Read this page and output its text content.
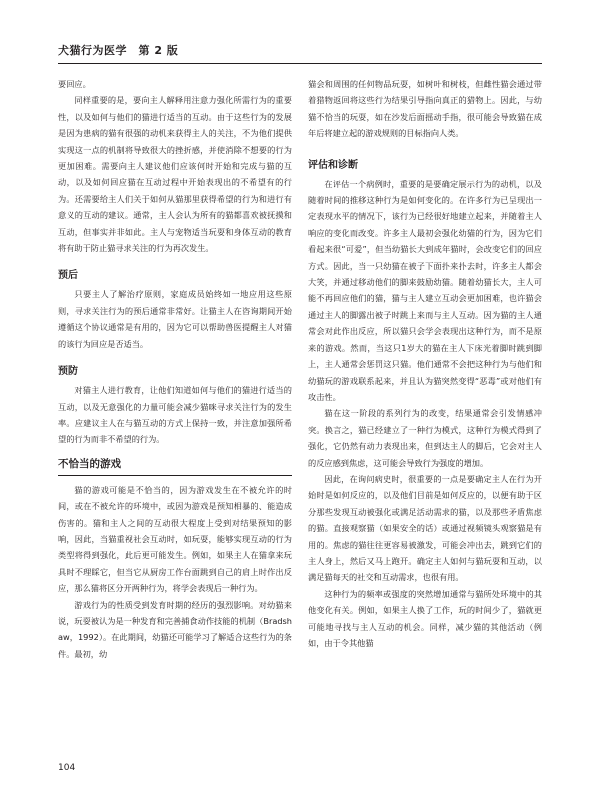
犬猫行为医学　第 2 版

要回应。

同样重要的是，要向主人解释用注意力强化所需行为的重要性，以及如何与他们的猫进行适当的互动。由于这些行为的发展是因为患病的猫有很强的动机来获得主人的关注，不为他们提供实现这一点的机制将导致很大的挫折感，并使消除不想要的行为更加困难。需要向主人建议他们应该何时开始和完成与猫的互动，以及如何回应猫在互动过程中开始表现出的不希望有的行为。还需要给主人们关于如何从猫那里获得希望的行为和进行有意义的互动的建议。通常，主人会认为所有的猫都喜欢被抚摸和互动，但事实并非如此。主人与宠物适当玩耍和身体互动的教育将有助于防止猫寻求关注的行为再次发生。

预后

只要主人了解治疗原则，家庭成员始终如一地应用这些原则，寻求关注行为的预后通常非常好。让猫主人在咨询期间开始遵循这个协议通常是有用的，因为它可以帮助兽医提醒主人对猫的该行为回应是否适当。

预防

对猫主人进行教育，让他们知道如何与他们的猫进行适当的互动，以及无意强化的力量可能会减少猫咪寻求关注行为的发生率。应建议主人在与猫互动的方式上保持一致，并注意加强所希望的行为而非不希望的行为。

不恰当的游戏

猫的游戏可能是不恰当的，因为游戏发生在不被允许的时间，或在不被允许的环境中，或因为游戏是预知相暴的、能造成伤害的。猫和主人之间的互动很大程度上受到对结果预知的影响，因此，当猫重视社会互动时，如玩耍，能够实现互动的行为类型将得到强化，此后更可能发生。例如，如果主人在猫拿来玩具时不理睬它，但当它从厨房工作台面跳到自己的肩上时作出反应，那么猫将区分开两种行为，将学会表现后一种行为。

游戏行为的性质受到发育时期的经历的强烈影响。对幼猫来说，玩耍被认为是一种发育和完善捕食动作技能的机制（Bradshaw，1992）。在此期间，幼猫还可能学习了解适合这些行为的条件。最初，幼

猫会和周围的任何物品玩耍，如树叶和树枝，但雌性猫会通过带着猎物返回将这些行为结果引导指向真正的猎物上。因此，与幼猫不恰当的玩耍，如在沙发后面摇动手指，很可能会导致猫在成年后将建立起的游戏规则的目标指向人类。

评估和诊断

在评估一个病例时，重要的是要确定展示行为的动机，以及随着时间的推移这种行为是如何变化的。在许多行为已呈现出一定表现水平的情况下，该行为已经很好地建立起来，并随着主人响应的变化而改变。许多主人最初会强化幼猫的行为，因为它们看起来很“可爱”，但当幼猫长大到成年猫时，会改变它们的回应方式。因此，当一只幼猫在被子下面扑来扑去时，许多主人都会大笑，并通过移动他们的脚来鼓励幼猫。随着幼猫长大，主人可能不再回应他们的猫，猫与主人建立互动会更加困难，也许猫会通过主人的脚露出被子时跳上来而与主人互动。因为猫的主人通常会对此作出反应，所以猫只会学会表现出这种行为，而不是原来的游戏。然而，当这只1岁大的猫在主人下床光着脚时跳到脚上，主人通常会惩罚这只猫。他们通常不会把这种行为与他们和幼猫玩的游戏联系起来，并且认为猫突然变得“恶毒”或对他们有攻击性。

猫在这一阶段的系列行为的改变，结果通常会引发情感冲突。换言之，猫已经建立了一种行为模式，这种行为模式得到了强化，它仍然有动力表现出来，但到达主人的脚后，它会对主人的反应感到焦虑，这可能会导致行为强度的增加。

因此，在询问病史时，很重要的一点是要确定主人在行为开始时是如何反应的，以及他们目前是如何反应的，以便有助于区分那些发现互动被强化或满足活动需求的猫，以及那些矛盾焦虑的猫。直接观察猫（如果安全的话）或通过视频镜头观察猫是有用的。焦虑的猫往往更容易被激发，可能会冲出去，跳到它们的主人身上，然后又马上跑开。确定主人如何与猫玩耍和互动，以满足猫每天的社交和互动需求，也很有用。

这种行为的频率或强度的突然增加通常与猫所处环境中的其他变化有关。例如，如果主人换了工作，玩的时间少了，猫就更可能地寻找与主人互动的机会。同样，减少猫的其他活动（例如，由于令其他猫

104
